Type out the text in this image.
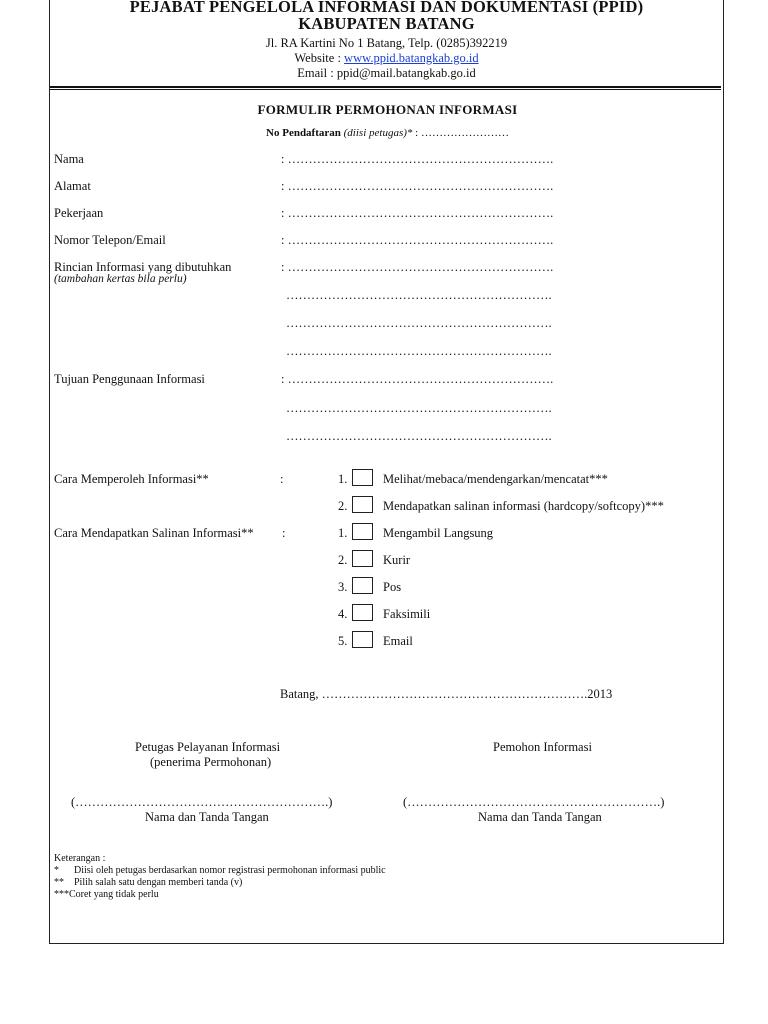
PEJABAT PENGELOLA INFORMASI DAN DOKUMENTASI (PPID)
KABUPATEN BATANG
Jl. RA Kartini No 1 Batang, Telp. (0285)392219
Website : www.ppid.batangkab.go.id
Email : ppid@mail.batangkab.go.id
FORMULIR PERMOHONAN INFORMASI
No Pendaftaran (diisi petugas)* : ……………………
Nama	: ……………………………………………………….
Alamat	: ……………………………………………………….
Pekerjaan	: ……………………………………………………….
Nomor Telepon/Email	: ……………………………………………………….
Rincian Informasi yang dibutuhkan	: ……………………………………………………….
(tambahan kertas bila perlu)
……………………………………………………….
……………………………………………………….
……………………………………………………….
Tujuan Penggunaan Informasi	: ……………………………………………………….
……………………………………………………….
……………………………………………………….
Cara Memperoleh Informasi**	:	1.	Melihat/mebaca/mendengarkan/mencatat***
2.	Mendapatkan salinan informasi (hardcopy/softcopy)***
Cara Mendapatkan Salinan Informasi** :	1.	Mengambil Langsung
2.	Kurir
3.	Pos
4.	Faksimili
5.	Email
Batang, ……………………………………………………….2013
Petugas Pelayanan Informasi
(penerima Permohonan)
Pemohon Informasi
(…………………………………………………….)
Nama dan Tanda Tangan
(…………………………………………………….)
Nama dan Tanda Tangan
Keterangan :
*      Diisi oleh petugas berdasarkan nomor registrasi permohonan informasi public
**    Pilih salah satu dengan memberi tanda (v)
***Coret yang tidak perlu
